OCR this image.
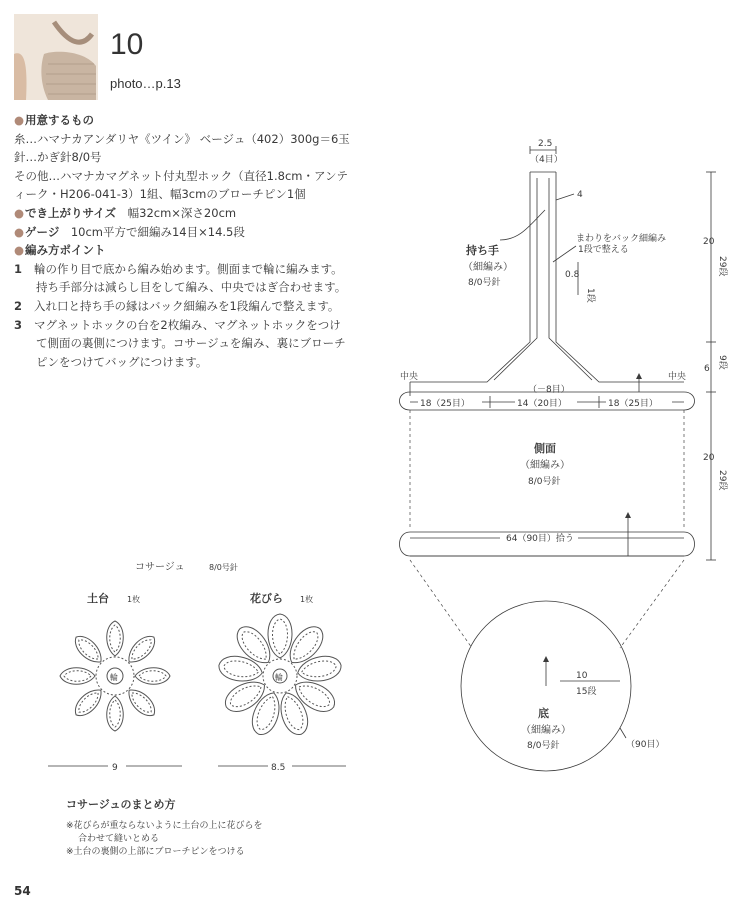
10
photo…p.13
● 用意するもの
糸…ハマナカアンダリヤ《ツイン》 ベージュ（402）300g＝6玉
針…かぎ針8/0号
その他…ハマナカマグネット付丸型ホック（直径1.8cm・アンテ
ィーク・H206-041-3）1組、幅3cmのブローチピン1個
● でき上がりサイズ　 幅32cm×深さ20cm
● ゲージ　 10cm平方で細編み14目×14.5段
● 編み方ポイント
1 輪の作り目で底から編み始めます。側面まで輪に編みます。
持ち手部分は減らし目をして編み、中央ではぎ合わせます。
2 入れ口と持ち手の縁はバック細編みを1段編んで整えます。
3 マグネットホックの台を2枚編み、マグネットホックをつけ
て側面の裏側につけます。コサージュを編み、裏にブローチ
ピンをつけてバッグにつけます。
2.5
（4目）
4
持ち手
（細編み）
8/0号針
まわりをバック細編み
1段で整える
0.8
1段
20
29段
6 9段
20
29段
中央	中央
（－8目）
18（25目）	14（20目）	18（25目）
側面
（細編み）
8/0号針
64（90目）拾う
10
15段
底
（細編み）
8/0号針	（90目）
コサージュ	8/0号針
土台 1枚	花びら 1枚
輪
9
輪
8.5
コサージュのまとめ方
※花びらが重ならないように土台の上に花びらを
合わせて縫いとめる
※土台の裏側の上部にブローチピンをつける
54
